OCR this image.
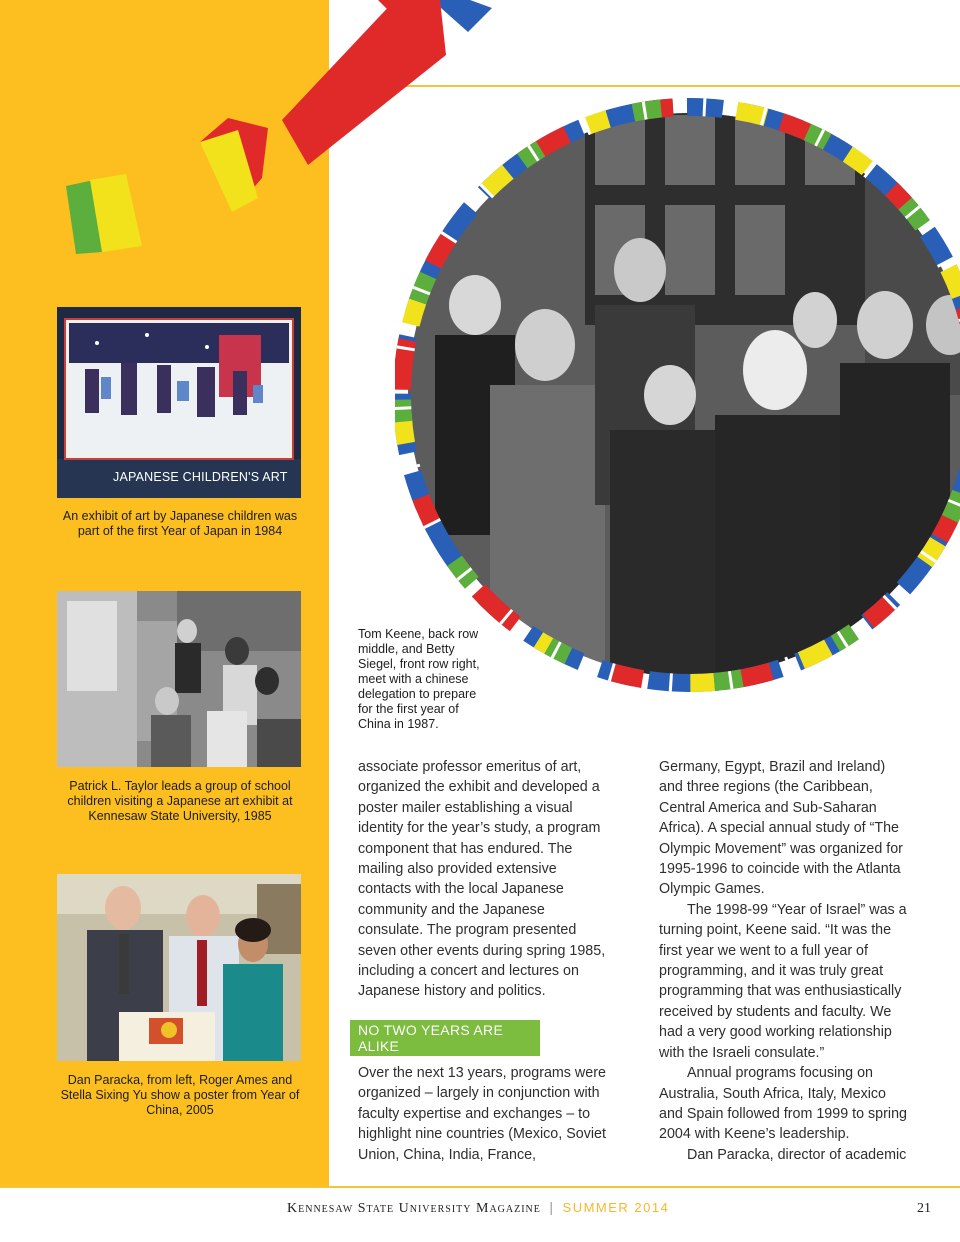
JAPANESE CHILDREN'S ART
An exhibit of art by Japanese children was part of the first Year of Japan in 1984
Patrick L. Taylor leads a group of school children visiting a Japanese art exhibit at Kennesaw State University, 1985
Dan Paracka, from left, Roger Ames and Stella Sixing Yu show a poster from Year of China, 2005
Tom Keene, back row middle, and Betty Siegel, front row right, meet with a chinese delegation to prepare for the first year of China in 1987.

associate professor emeritus of art, organized the exhibit and developed a poster mailer establishing a visual identity for the year’s study, a program component that has endured. The mailing also provided extensive contacts with the local Japanese community and the Japanese consulate. The program presented seven other events during spring 1985, including a concert and lectures on Japanese history and politics.

NO TWO YEARS ARE ALIKE

Over the next 13 years, programs were organized – largely in conjunction with faculty expertise and exchanges – to highlight nine countries (Mexico, Soviet Union, China, India, France,

Germany, Egypt, Brazil and Ireland) and three regions (the Caribbean, Central America and Sub-Saharan Africa). A special annual study of “The Olympic Movement” was organized for 1995-1996 to coincide with the Atlanta Olympic Games.

The 1998-99 “Year of Israel” was a turning point, Keene said. “It was the first year we went to a full year of programming, and it was truly great programming that was enthusiastically received by students and faculty. We had a very good working relationship with the Israeli consulate.”

Annual programs focusing on Australia, South Africa, Italy, Mexico and Spain followed from 1999 to spring 2004 with Keene’s leadership.

Dan Paracka, director of academic

Kennesaw State University Magazine | SUMMER 2014	21
